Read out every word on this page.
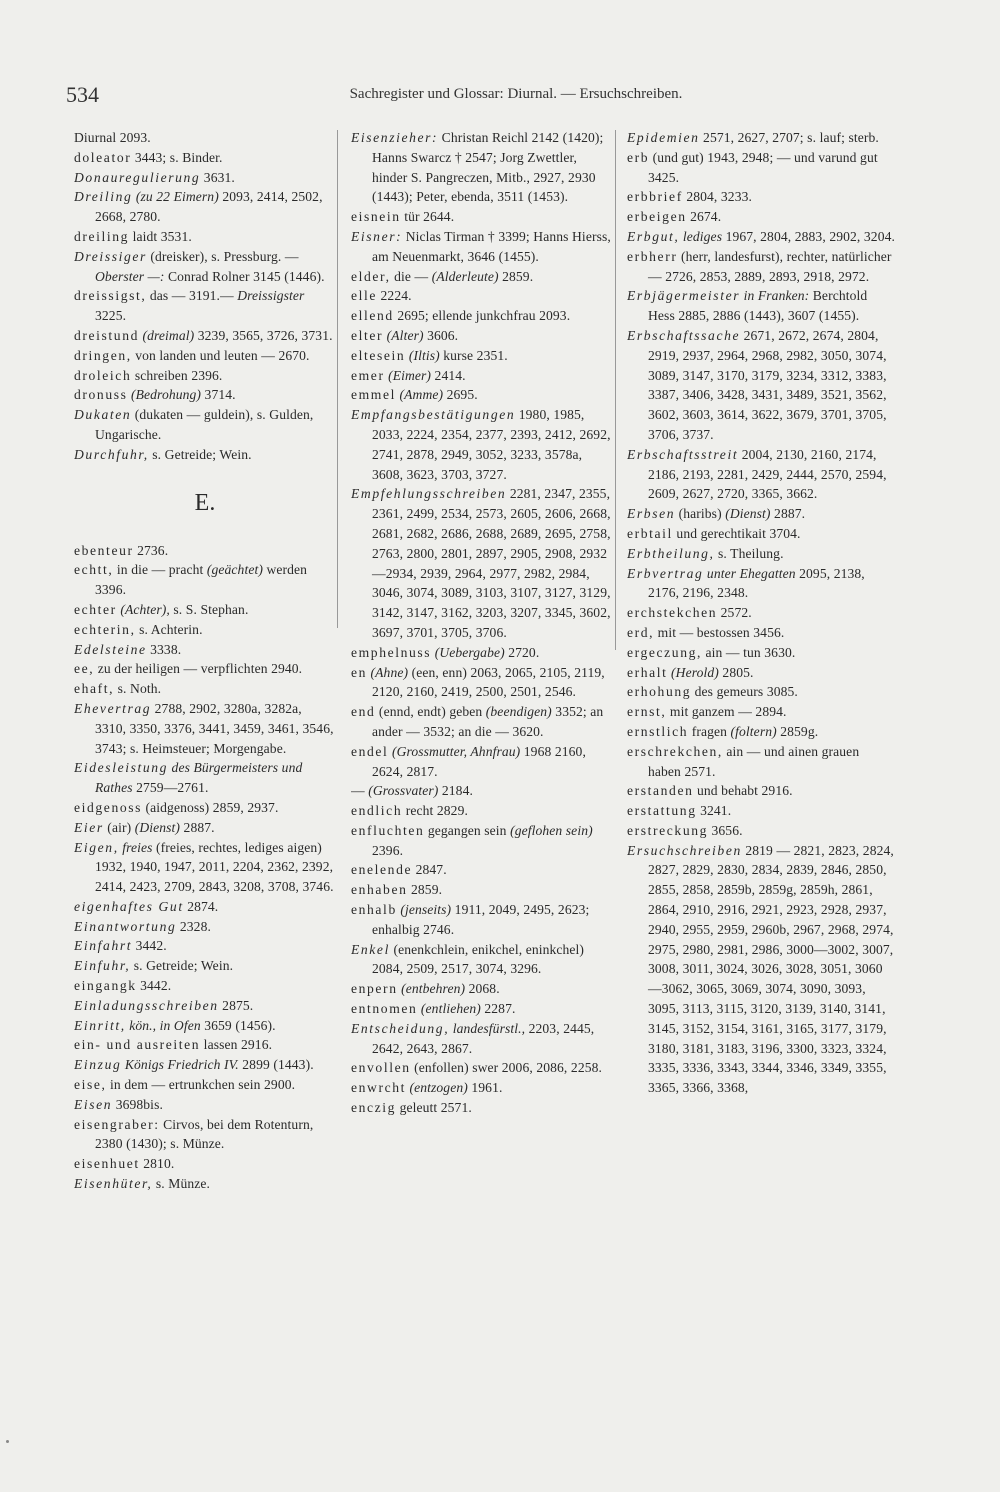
534	Sachregister und Glossar: Diurnal. — Ersuchschreiben.

Diurnal 2093.

doleator 3443; s. Binder.

Donauregulierung 3631.

Dreiling (zu 22 Eimern) 2093, 2414, 2502, 2668, 2780.

dreiling laidt 3531.

Dreissiger (dreisker), s. Pressburg. — Oberster —: Conrad Rolner 3145 (1446).

dreissigst, das — 3191.— Dreissigster 3225.

dreistund (dreimal) 3239, 3565, 3726, 3731.

dringen, von landen und leuten — 2670.

droleich schreiben 2396.

dronuss (Bedrohung) 3714.

Dukaten (dukaten — guldein), s. Gulden, Ungarische.

Durchfuhr, s. Getreide; Wein.

E.

ebenteur 2736.

echtt, in die — pracht (geächtet) werden 3396.

echter (Achter), s. S. Stephan.

echterin, s. Achterin.

Edelsteine 3338.

ee, zu der heiligen — verpflichten 2940.

ehaft, s. Noth.

Ehevertrag 2788, 2902, 3280a, 3282a, 3310, 3350, 3376, 3441, 3459, 3461, 3546, 3743; s. Heimsteuer; Morgengabe.

Eidesleistung des Bürgermeisters und Rathes 2759—2761.

eidgenoss (aidgenoss) 2859, 2937.

Eier (air) (Dienst) 2887.

Eigen, freies (freies, rechtes, lediges aigen) 1932, 1940, 1947, 2011, 2204, 2362, 2392, 2414, 2423, 2709, 2843, 3208, 3708, 3746.

eigenhaftes Gut 2874.

Einantwortung 2328.

Einfahrt 3442.

Einfuhr, s. Getreide; Wein.

eingangk 3442.

Einladungsschreiben 2875.

Einritt, kön., in Ofen 3659 (1456).

ein- und ausreiten lassen 2916.

Einzug Königs Friedrich IV. 2899 (1443).

eise, in dem — ertrunkchen sein 2900.

Eisen 3698bis.

eisengraber: Cirvos, bei dem Rotenturn, 2380 (1430); s. Münze.

eisenhuet 2810.

Eisenhüter, s. Münze.

Eisenzieher: Christan Reichl 2142 (1420); Hanns Swarcz † 2547; Jorg Zwettler, hinder S. Pangreczen, Mitb., 2927, 2930 (1443); Peter, ebenda, 3511 (1453).

eisnein tür 2644.

Eisner: Niclas Tirman † 3399; Hanns Hierss, am Neuenmarkt, 3646 (1455).

elder, die — (Alderleute) 2859.

elle 2224.

ellend 2695; ellende junkchfrau 2093.

elter (Alter) 3606.

eltesein (Iltis) kurse 2351.

emer (Eimer) 2414.

emmel (Amme) 2695.

Empfangsbestätigungen 1980, 1985, 2033, 2224, 2354, 2377, 2393, 2412, 2692, 2741, 2878, 2949, 3052, 3233, 3578a, 3608, 3623, 3703, 3727.

Empfehlungsschreiben 2281, 2347, 2355, 2361, 2499, 2534, 2573, 2605, 2606, 2668, 2681, 2682, 2686, 2688, 2689, 2695, 2758, 2763, 2800, 2801, 2897, 2905, 2908, 2932—2934, 2939, 2964, 2977, 2982, 2984, 3046, 3074, 3089, 3103, 3107, 3127, 3129, 3142, 3147, 3162, 3203, 3207, 3345, 3602, 3697, 3701, 3705, 3706.

emphelnuss (Uebergabe) 2720.

en (Ahne) (een, enn) 2063, 2065, 2105, 2119, 2120, 2160, 2419, 2500, 2501, 2546.

end (ennd, endt) geben (beendigen) 3352; an ander — 3532; an die — 3620.

endel (Grossmutter, Ahnfrau) 1968 2160, 2624, 2817.

— (Grossvater) 2184.

endlich recht 2829.

enfluchten gegangen sein (geflohen sein) 2396.

enelende 2847.

enhaben 2859.

enhalb (jenseits) 1911, 2049, 2495, 2623; enhalbig 2746.

Enkel (enenkchlein, enikchel, eninkchel) 2084, 2509, 2517, 3074, 3296.

enpern (entbehren) 2068.

entnomen (entliehen) 2287.

Entscheidung, landesfürstl., 2203, 2445, 2642, 2643, 2867.

envollen (enfollen) swer 2006, 2086, 2258.

enwrcht (entzogen) 1961.

enczig geleutt 2571.

Epidemien 2571, 2627, 2707; s. lauf; sterb.

erb (und gut) 1943, 2948; — und varund gut 3425.

erbbrief 2804, 3233.

erbeigen 2674.

Erbgut, lediges 1967, 2804, 2883, 2902, 3204.

erbherr (herr, landesfurst), rechter, natürlicher — 2726, 2853, 2889, 2893, 2918, 2972.

Erbjägermeister in Franken: Berchtold Hess 2885, 2886 (1443), 3607 (1455).

Erbschaftssache 2671, 2672, 2674, 2804, 2919, 2937, 2964, 2968, 2982, 3050, 3074, 3089, 3147, 3170, 3179, 3234, 3312, 3383, 3387, 3406, 3428, 3431, 3489, 3521, 3562, 3602, 3603, 3614, 3622, 3679, 3701, 3705, 3706, 3737.

Erbschaftsstreit 2004, 2130, 2160, 2174, 2186, 2193, 2281, 2429, 2444, 2570, 2594, 2609, 2627, 2720, 3365, 3662.

Erbsen (haribs) (Dienst) 2887.

erbtail und gerechtikait 3704.

Erbtheilung, s. Theilung.

Erbvertrag unter Ehegatten 2095, 2138, 2176, 2196, 2348.

erchstekchen 2572.

erd, mit — bestossen 3456.

ergeczung, ain — tun 3630.

erhalt (Herold) 2805.

erhohung des gemeurs 3085.

ernst, mit ganzem — 2894.

ernstlich fragen (foltern) 2859g.

erschrekchen, ain — und ainen grauen haben 2571.

erstanden und behabt 2916.

erstattung 3241.

erstreckung 3656.

Ersuchschreiben 2819 — 2821, 2823, 2824, 2827, 2829, 2830, 2834, 2839, 2846, 2850, 2855, 2858, 2859b, 2859g, 2859h, 2861, 2864, 2910, 2916, 2921, 2923, 2928, 2937, 2940, 2955, 2959, 2960b, 2967, 2968, 2974, 2975, 2980, 2981, 2986, 3000—3002, 3007, 3008, 3011, 3024, 3026, 3028, 3051, 3060—3062, 3065, 3069, 3074, 3090, 3093, 3095, 3113, 3115, 3120, 3139, 3140, 3141, 3145, 3152, 3154, 3161, 3165, 3177, 3179, 3180, 3181, 3183, 3196, 3300, 3323, 3324, 3335, 3336, 3343, 3344, 3346, 3349, 3355, 3365, 3366, 3368,
